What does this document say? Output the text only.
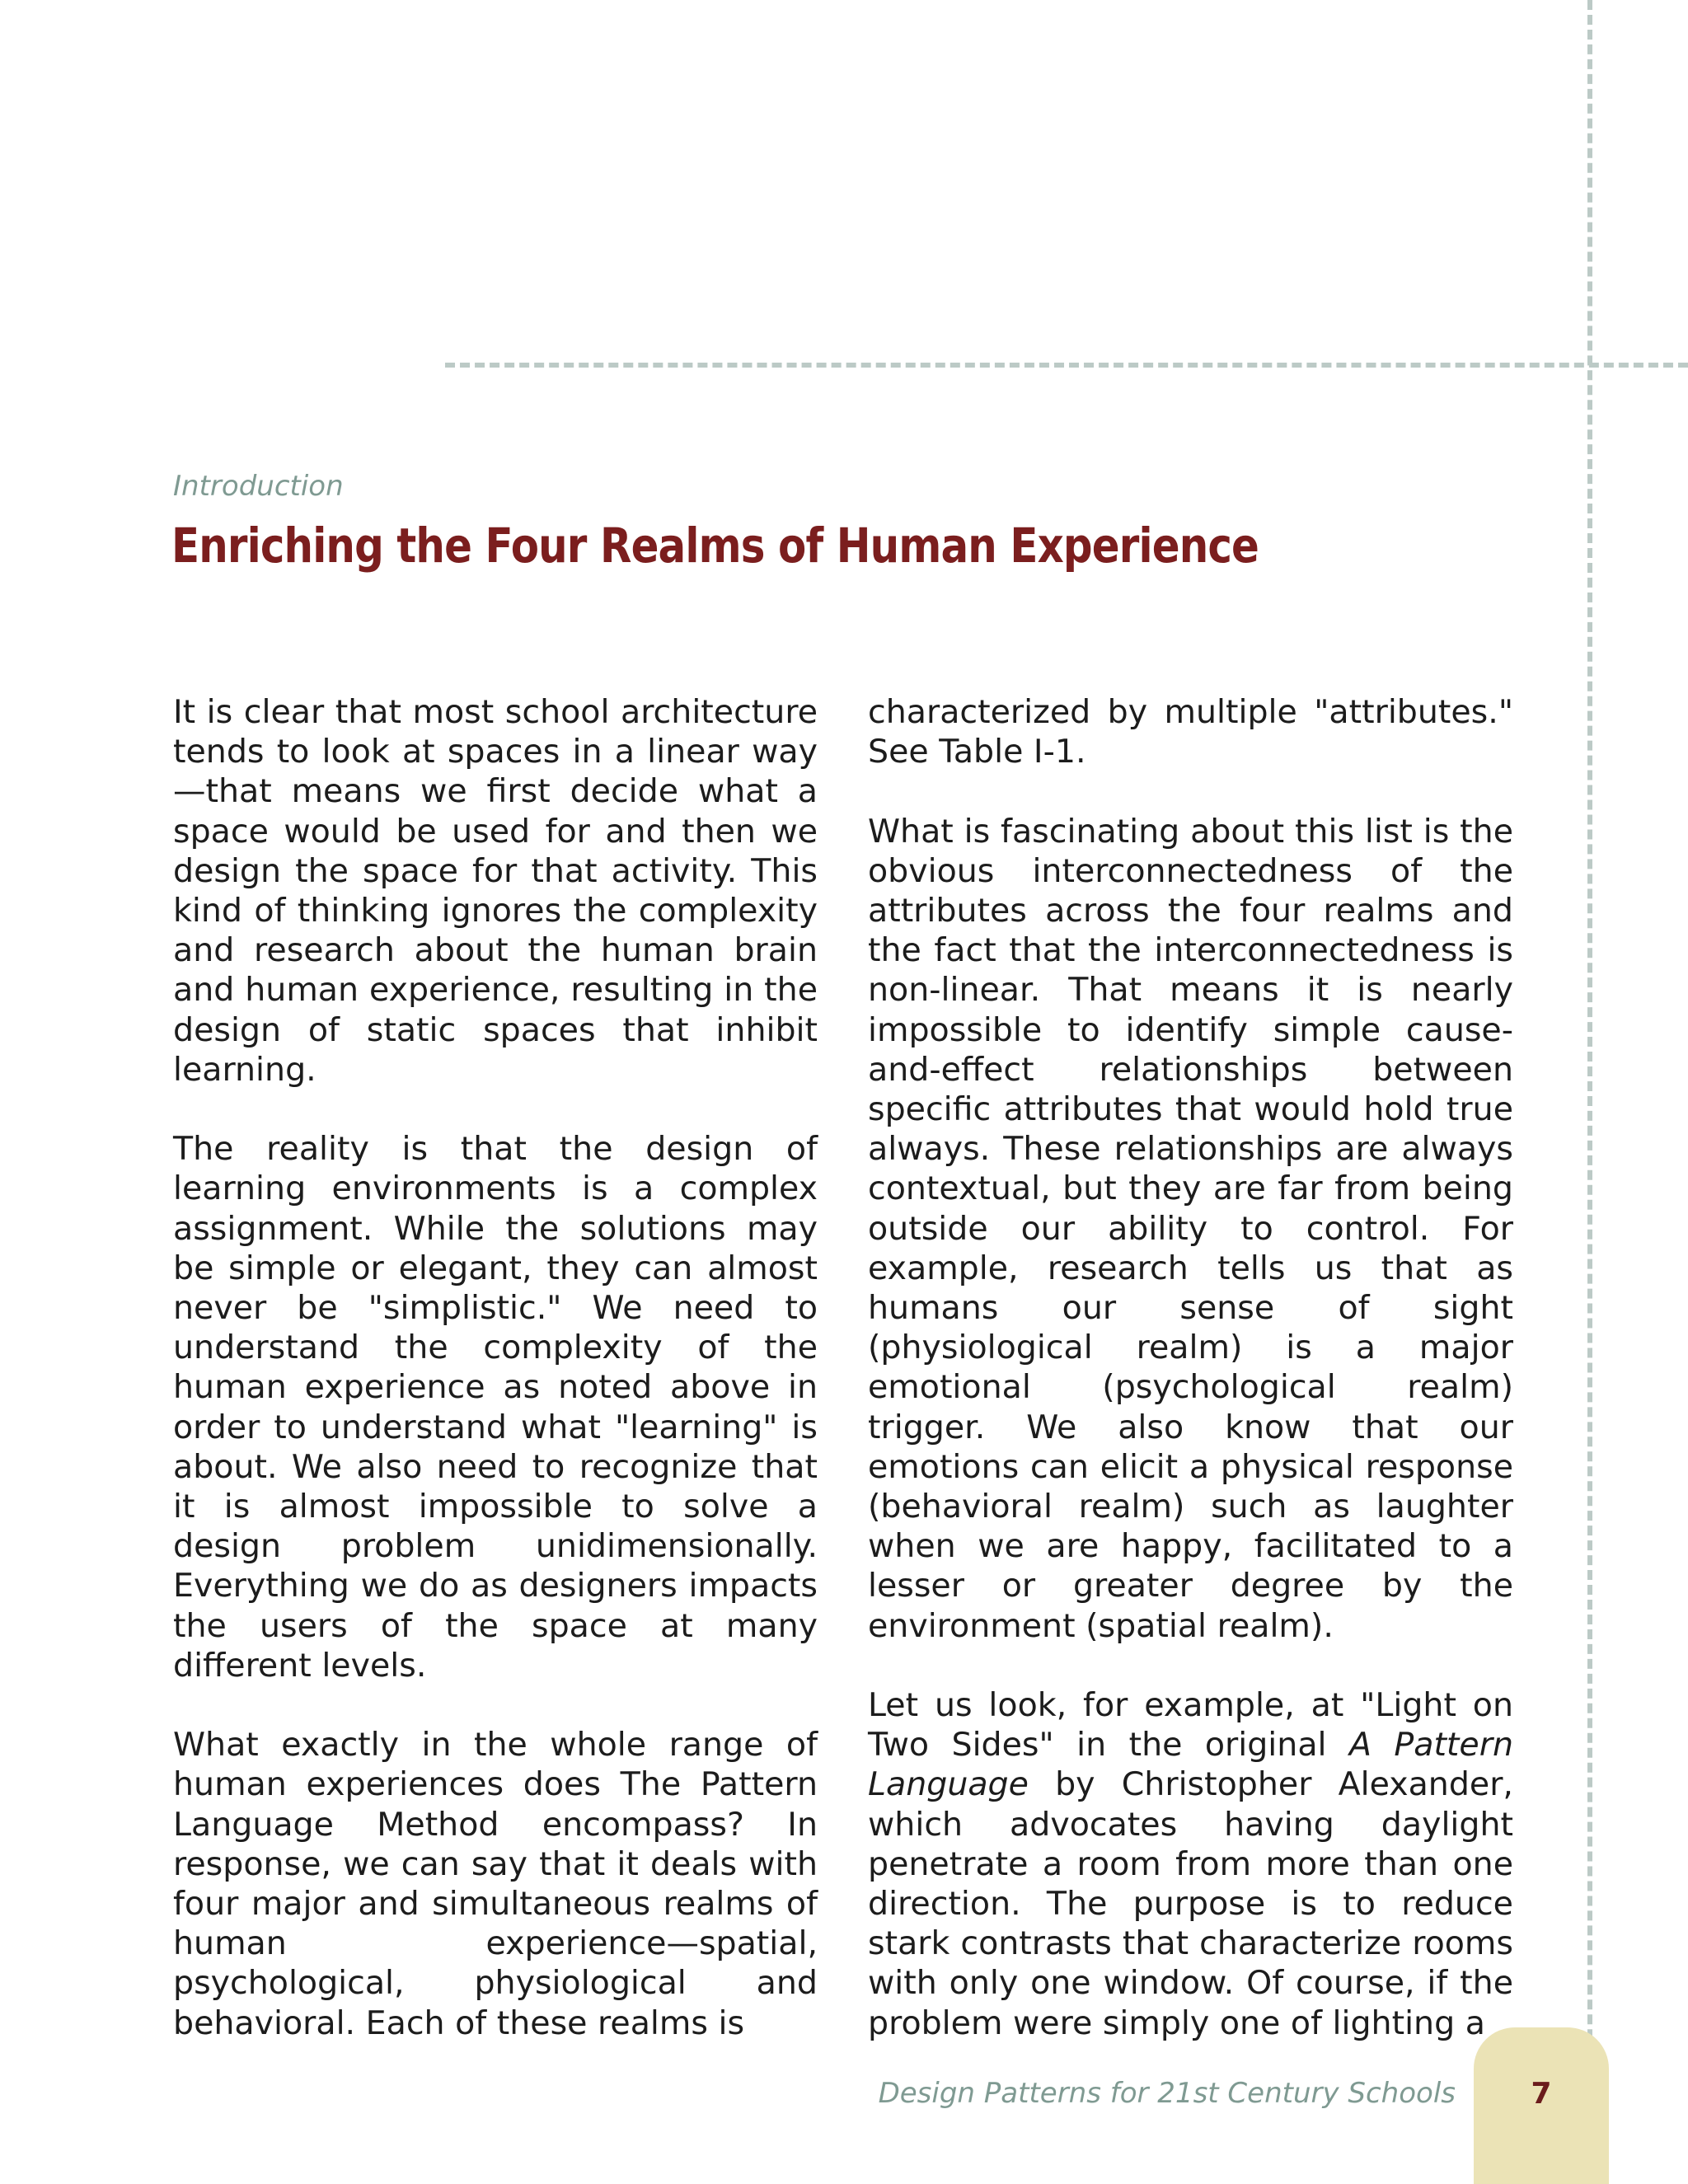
Introduction
Enriching the Four Realms of Human Experience

It is clear that most school architecture tends to look at spaces in a linear way—that means we first decide what a space would be used for and then we design the space for that activity. This kind of thinking ignores the complexity and research about the human brain and human experience, resulting in the design of static spaces that inhibit learning.

The reality is that the design of learning environments is a complex assignment. While the solutions may be simple or elegant, they can almost never be "simplistic." We need to understand the complexity of the human experience as noted above in order to understand what "learning" is about. We also need to recognize that it is almost impossible to solve a design problem unidimensionally. Everything we do as designers impacts the users of the space at many different levels.

What exactly in the whole range of human experiences does The Pattern Language Method encompass? In response, we can say that it deals with four major and simultaneous realms of human experience—spatial, psychological, physiological and behavioral. Each of these realms is

characterized by multiple "attributes." See Table I-1.

What is fascinating about this list is the obvious interconnectedness of the attributes across the four realms and the fact that the interconnectedness is non-linear. That means it is nearly impossible to identify simple cause-and-effect relationships between specific attributes that would hold true always. These relationships are always contextual, but they are far from being outside our ability to control. For example, research tells us that as humans our sense of sight (physiological realm) is a major emotional (psychological realm) trigger. We also know that our emotions can elicit a physical response (behavioral realm) such as laughter when we are happy, facilitated to a lesser or greater degree by the environment (spatial realm).

Let us look, for example, at "Light on Two Sides" in the original A Pattern Language by Christopher Alexander, which advocates having daylight penetrate a room from more than one direction. The purpose is to reduce stark contrasts that characterize rooms with only one window. Of course, if the problem were simply one of lighting a

Design Patterns for 21st Century Schools	7
